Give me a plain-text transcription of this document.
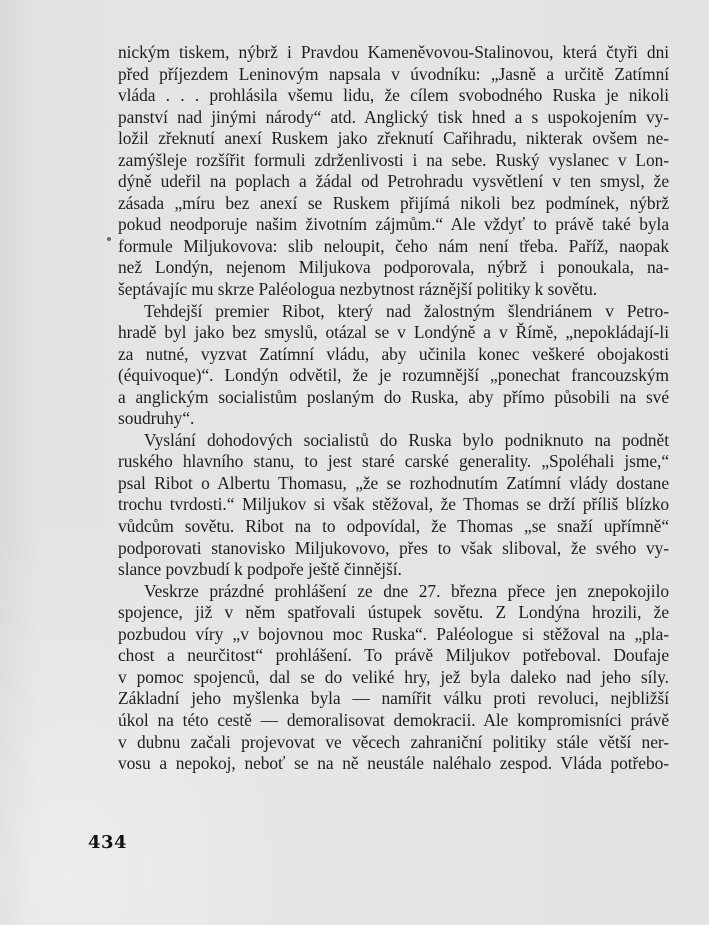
nickým tiskem, nýbrž i Pravdou Kameněvovou-Stalinovou, která čtyři dni
před příjezdem Leninovým napsala v úvodníku: „Jasně a určitě Zatímní
vláda . . . prohlásila všemu lidu, že cílem svobodného Ruska je nikoli
panství nad jinými národy“ atd. Anglický tisk hned a s uspokojením vy-
ložil zřeknutí anexí Ruskem jako zřeknutí Cařihradu, nikterak ovšem ne-
zamýšleje rozšířit formuli zdrženlivosti i na sebe. Ruský vyslanec v Lon-
dýně udeřil na poplach a žádal od Petrohradu vysvětlení v ten smysl, že
zásada „míru bez anexí se Ruskem přijímá nikoli bez podmínek, nýbrž
pokud neodporuje našim životním zájmům.“ Ale vždyť to právě také byla
formule Miljukovova: slib neloupit, čeho nám není třeba. Paříž, naopak
než Londýn, nejenom Miljukova podporovala, nýbrž i ponoukala, na-
šeptávajíc mu skrze Paléologua nezbytnost ráznější politiky k sovětu.
Tehdejší premier Ribot, který nad žalostným šlendriánem v Petro-
hradě byl jako bez smyslů, otázal se v Londýně a v Římě, „nepokládají-li
za nutné, vyzvat Zatímní vládu, aby učinila konec veškeré obojakosti
(équivoque)“. Londýn odvětil, že je rozumnější „ponechat francouzským
a anglickým socialistům poslaným do Ruska, aby přímo působili na své
soudruhy“.
Vyslání dohodových socialistů do Ruska bylo podniknuto na podnět
ruského hlavního stanu, to jest staré carské generality. „Spoléhali jsme,“
psal Ribot o Albertu Thomasu, „že se rozhodnutím Zatímní vlády dostane
trochu tvrdosti.“ Miljukov si však stěžoval, že Thomas se drží příliš blízko
vůdcům sovětu. Ribot na to odpovídal, že Thomas „se snaží upřímně“
podporovati stanovisko Miljukovovo, přes to však sliboval, že svého vy-
slance povzbudí k podpoře ještě činnější.
Veskrze prázdné prohlášení ze dne 27. března přece jen znepokojilo
spojence, již v něm spatřovali ústupek sovětu. Z Londýna hrozili, že
pozbudou víry „v bojovnou moc Ruska“. Paléologue si stěžoval na „pla-
chost a neurčitost“ prohlášení. To právě Miljukov potřeboval. Doufaje
v pomoc spojenců, dal se do veliké hry, jež byla daleko nad jeho síly.
Základní jeho myšlenka byla — namířit válku proti revoluci, nejbližší
úkol na této cestě — demoralisovat demokracii. Ale kompromisníci právě
v dubnu začali projevovat ve věcech zahraniční politiky stále větší ner-
vosu a nepokoj, neboť se na ně neustále naléhalo zespod. Vláda potřebo-
434
